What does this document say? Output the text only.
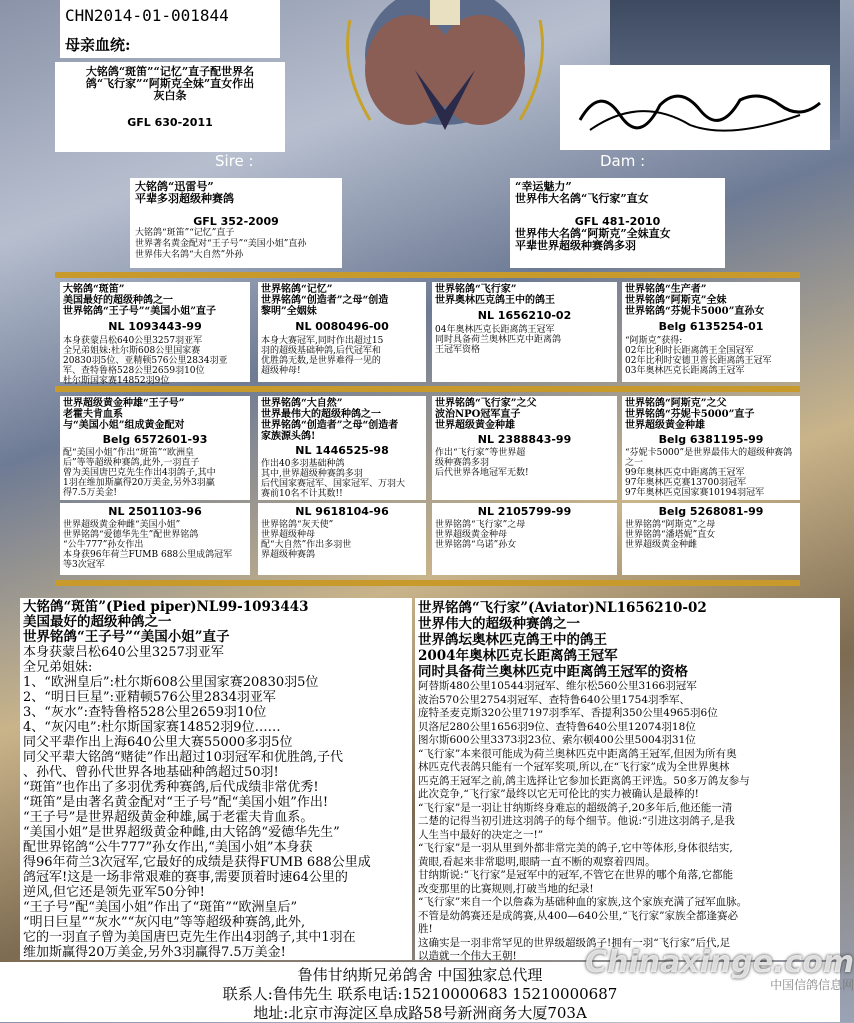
CHN2014-01-001844
母亲血统:
大铭鸽“斑笛”“记忆”直子配世界名
鸽“飞行家”“阿斯克全妹”直女作出
灰白条
GFL 630-2011
Sire :	Dam :
大铭鸽“迅雷号”
平辈多羽超级种赛鸽
GFL 352-2009
大铭鸽“斑笛”“记忆”直子
世界著名黄金配对“王子号”“美国小姐”直孙
世界伟大名鸽“大自然”外孙
“幸运魅力”
世界伟大名鸽“飞行家”直女
GFL 481-2010
世界伟大名鸽“阿斯克”全妹直女
平辈世界超级种赛鸽多羽
大铭鸽“斑笛”
美国最好的超级种鸽之一
世界铭鸽“王子号”“美国小姐”直子
NL 1093443-99
本身获蒙吕松640公里3257羽亚军
全兄弟姐妹:杜尔斯608公里国家赛
20830羽5位、亚精顿576公里2834羽亚
军、查特鲁格528公里2659羽10位
杜尔斯国家赛14852羽9位
世界铭鸽“记忆”
世界铭鸽“创造者”之母“创造
黎明”全姻妹
NL 0080496-00
本身大赛冠军,同时作出超过15
羽的超级基础种鸽,后代冠军和
优胜鸽无数,是世界难得一见的
超级种母!
世界铭鸽“飞行家”
世界奥林匹克鸽王中的鸽王
NL 1656210-02
04年奥林匹克长距离鸽王冠军
同时具备荷兰奥林匹克中距离鸽
王冠军资格
世界铭鸽“生产者”
世界铭鸽“阿斯克”全妹
世界铭鸽“芬妮卡5000”直孙女
Belg 6135254-01
“阿斯克”获得:
02年比利时长距离鸽王全国冠军
02年比利时安德卫普长距离鸽王冠军
03年奥林匹克长距离鸽王冠军
世界超级黄金种雄“王子号”
老霍夫肯血系
与“美国小姐”组成黄金配对
Belg 6572601-93
配“美国小姐”作出“斑笛”“欧洲皇
后”等等超级种赛鸽,此外,一羽直子
曾为美国唐巴克先生作出4羽鸽子,其中
1羽在维加斯赢得20万美金,另外3羽赢
得7.5万美金!
世界铭鸽“大自然”
世界最伟大的超级种鸽之一
世界铭鸽“创造者”之母“创造者
家族源头鸽!
NL 1446525-98
作出40多羽基础种鸽
其中,世界超级种赛鸽多羽
后代国家赛冠军、国家冠军、万羽大
赛前10名不计其数!!
世界铭鸽“飞行家”之父
波治NPO冠军直子
世界超级黄金种雄
NL 2388843-99
作出“飞行家”等世界超
级种赛鸽多羽
后代世界各地冠军无数!
世界铭鸽“阿斯克”之父
世界铭鸽“芬妮卡5000”直子
世界超级黄金种雄
Belg 6381195-99
“芬妮卡5000”是世界最伟大的超级种赛鸽
之一
99年奥林匹克中距离鸽王冠军
97年奥林匹克赛13700羽冠军
97年奥林匹克国家赛10194羽冠军
NL 2501103-96
世界超级黄金种雌“美国小姐”
世界铭鸽“爱德华先生”配世界铭鸽
“公牛777”孙女作出
本身获96年荷兰FUMB 688公里成鸽冠军
等3次冠军
NL 9618104-96
世界铭鸽“灰天使”
世界超级种母
配“大自然”作出多羽世
界超级种赛鸽
NL 2105799-99
世界铭鸽“飞行家”之母
世界超级黄金种母
世界铭鸽“乌诺”孙女
Belg 5268081-99
世界铭鸽“阿斯克”之母
世界铭鸽“潘塔妮”直女
世界超级黄金种雌
大铭鸽“斑笛”(Pied piper)NL99-1093443
美国最好的超级种鸽之一
世界铭鸽“王子号”“美国小姐”直子
本身获蒙吕松640公里3257羽亚军
全兄弟姐妹:
1、“欧洲皇后”:杜尔斯608公里国家赛20830羽5位
2、“明日巨星”:亚精顿576公里2834羽亚军
3、“灰水”:查特鲁格528公里2659羽10位
4、“灰闪电”:杜尔斯国家赛14852羽9位……
同父平辈作出上海640公里大赛55000多羽5位
同父平辈大铭鸽“赌徒”作出超过10羽冠军和优胜鸽,子代
、孙代、曾孙代世界各地基础种鸽超过50羽!
“斑笛”也作出了多羽优秀种赛鸽,后代成绩非常优秀!
“斑笛”是由著名黄金配对“王子号”配“美国小姐”作出!
“王子号”是世界超级黄金种雄,属于老霍夫肯血系。
“美国小姐”是世界超级黄金种雌,由大铭鸽“爱德华先生”
配世界铭鸽“公牛777”孙女作出,“美国小姐”本身获
得96年荷兰3次冠军,它最好的成绩是获得FUMB 688公里成
鸽冠军!这是一场非常艰难的赛事,需要顶着时速64公里的
逆风,但它还是领先亚军50分钟!
“王子号”配“美国小姐”作出了“斑笛”“欧洲皇后”
“明日巨星”“灰水”“灰闪电”等等超级种赛鸽,此外,
它的一羽直子曾为美国唐巴克先生作出4羽鸽子,其中1羽在
维加斯赢得20万美金,另外3羽赢得7.5万美金!
世界铭鸽“飞行家”(Aviator)NL1656210-02
世界伟大的超级种赛鸽之一
世界鸽坛奥林匹克鸽王中的鸽王
2004年奥林匹克长距离鸽王冠军
同时具备荷兰奥林匹克中距离鸽王冠军的资格
阿替斯480公里10544羽冠军、维尔松560公里3166羽冠军
波治570公里2754羽冠军、查特鲁640公里1754羽季军、
庞特圣麦克斯320公里7197羽季军、香提利350公里4965羽6位
贝洛尼280公里1656羽9位、查特鲁640公里12074羽18位
图尔斯600公里3373羽23位、索尔顿400公里5004羽31位
“飞行家”本来很可能成为荷兰奥林匹克中距离鸽王冠军,但因为所有奥
林匹克代表鸽只能有一个冠军奖项,所以,在“飞行家”成为全世界奥林
匹克鸽王冠军之前,鸽主选择让它参加长距离鸽王评选。50多万鸽友参与
此次竞争,“飞行家”最终以它无可伦比的实力被确认是最棒的!
“飞行家”是一羽让甘纳斯终身难忘的超级鸽子,20多年后,他还能一清
二楚的记得当初引进这羽鸽子的每个细节。他说:“引进这羽鸽子,是我
人生当中最好的决定之一!”
“飞行家”是一羽从里到外都非常完美的鸽子,它中等体形,身体很结实,
黄眼,看起来非常聪明,眼睛一直不断的观察着四周。
甘纳斯说:“飞行家”是冠军中的冠军,不管它在世界的哪个角落,它都能
改变那里的比赛规则,打破当地的纪录!
“飞行家”来自一个以詹森为基础种血的家族,这个家族充满了冠军血脉。
不管是幼鸽赛还是成鸽赛,从400—640公里,“飞行家”家族全都逢赛必
胜!
这确实是一羽非常罕见的世界级超级鸽子!拥有一羽“飞行家”后代,足
以造就一个伟大王朝!
鲁伟甘纳斯兄弟鸽舍 中国独家总代理
联系人:鲁伟先生 联系电话:15210000683 15210000687
地址:北京市海淀区阜成路58号新洲商务大厦703A
Chinaxinge.com
中国信鸽信息网
